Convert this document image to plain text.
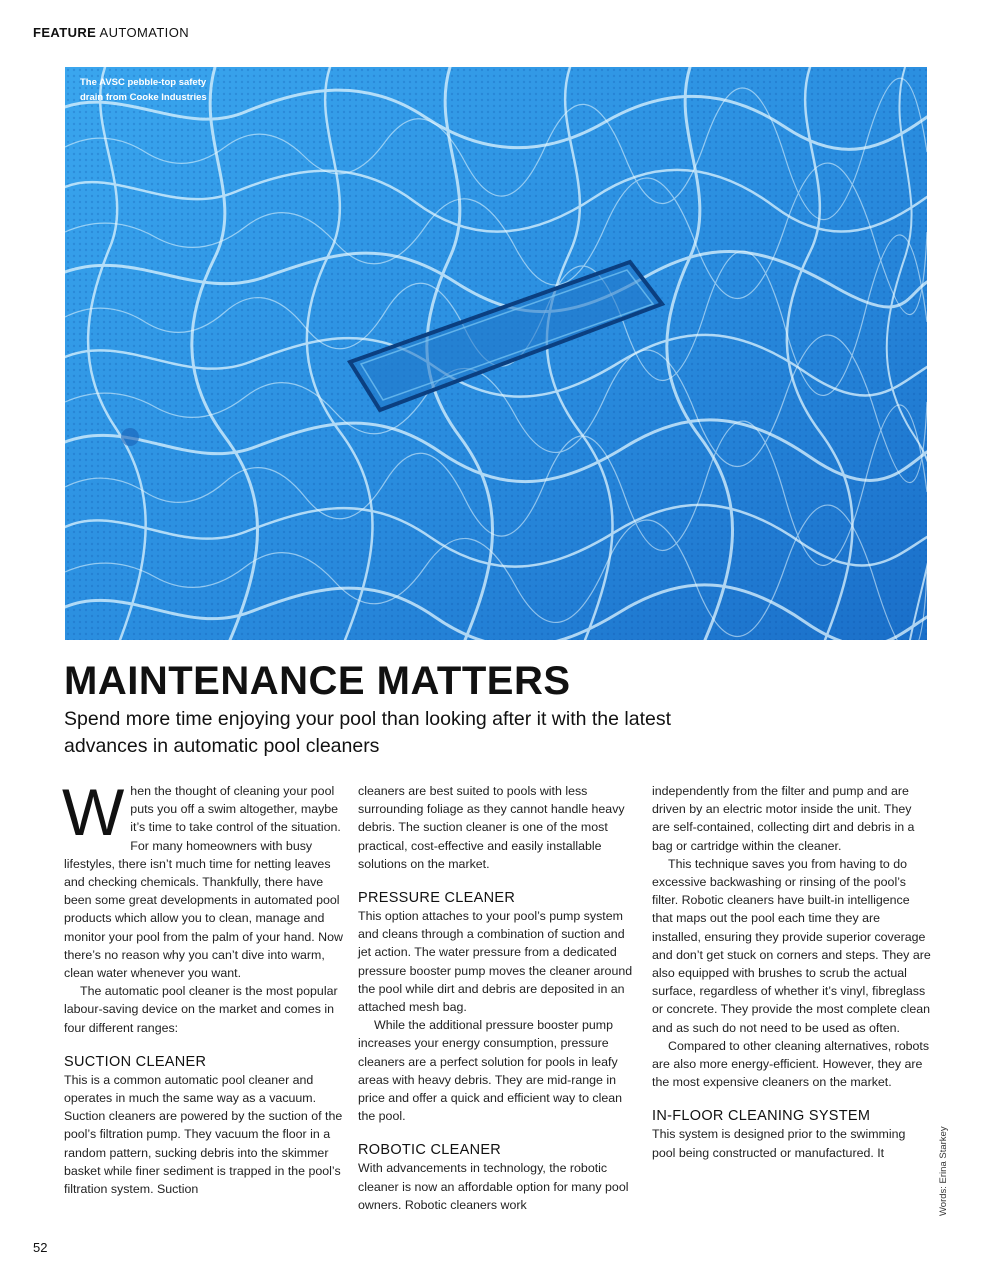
FEATURE AUTOMATION
The AVSC pebble-top safety drain from Cooke Industries
MAINTENANCE MATTERS

Spend more time enjoying your pool than looking after it with the latest advances in automatic pool cleaners

When the thought of cleaning your pool puts you off a swim altogether, maybe it’s time to take control of the situation. For many homeowners with busy lifestyles, there isn’t much time for netting leaves and checking chemicals. Thankfully, there have been some great developments in automated pool products which allow you to clean, manage and monitor your pool from the palm of your hand. Now there’s no reason why you can’t dive into warm, clean water whenever you want.

The automatic pool cleaner is the most popular labour-saving device on the market and comes in four different ranges:

SUCTION CLEANER

This is a common automatic pool cleaner and operates in much the same way as a vacuum. Suction cleaners are powered by the suction of the pool’s filtration pump. They vacuum the floor in a random pattern, sucking debris into the skimmer basket while finer sediment is trapped in the pool’s filtration system. Suction

cleaners are best suited to pools with less surrounding foliage as they cannot handle heavy debris. The suction cleaner is one of the most practical, cost-effective and easily installable solutions on the market.

PRESSURE CLEANER

This option attaches to your pool’s pump system and cleans through a combination of suction and jet action. The water pressure from a dedicated pressure booster pump moves the cleaner around the pool while dirt and debris are deposited in an attached mesh bag.

While the additional pressure booster pump increases your energy consumption, pressure cleaners are a perfect solution for pools in leafy areas with heavy debris. They are mid-range in price and offer a quick and efficient way to clean the pool.

ROBOTIC CLEANER

With advancements in technology, the robotic cleaner is now an affordable option for many pool owners. Robotic cleaners work

independently from the filter and pump and are driven by an electric motor inside the unit. They are self-contained, collecting dirt and debris in a bag or cartridge within the cleaner.

This technique saves you from having to do excessive backwashing or rinsing of the pool’s filter. Robotic cleaners have built-in intelligence that maps out the pool each time they are installed, ensuring they provide superior coverage and don’t get stuck on corners and steps. They are also equipped with brushes to scrub the actual surface, regardless of whether it’s vinyl, fibreglass or concrete. They provide the most complete clean and as such do not need to be used as often.

Compared to other cleaning alternatives, robots are also more energy-efficient. However, they are the most expensive cleaners on the market.

IN-FLOOR CLEANING SYSTEM

This system is designed prior to the swimming pool being constructed or manufactured. It	Words: Erina Starkey
52
